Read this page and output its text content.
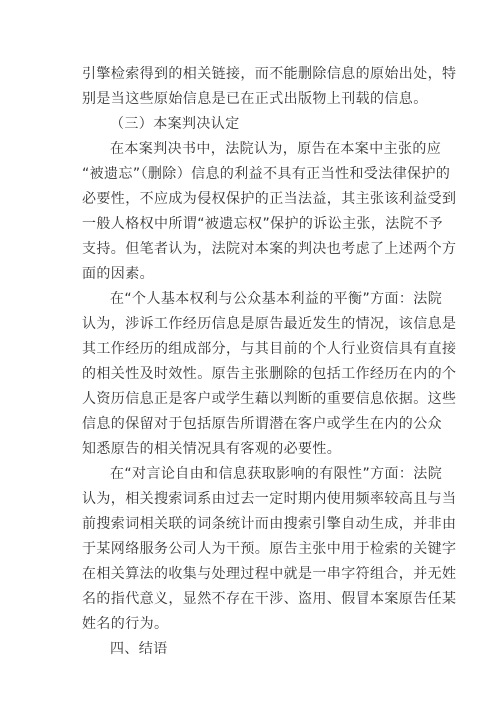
引擎检索得到的相关链接，而不能删除信息的原始出处，特
别是当这些原始信息是已在正式出版物上刊载的信息。
（三）本案判决认定
在本案判决书中，法院认为，原告在本案中主张的应
“被遗忘”（删除）信息的利益不具有正当性和受法律保护的
必要性，不应成为侵权保护的正当法益，其主张该利益受到
一般人格权中所谓“被遗忘权”保护的诉讼主张，法院不予
支持。但笔者认为，法院对本案的判决也考虑了上述两个方
面的因素。
在“个人基本权利与公众基本利益的平衡”方面：法院
认为，涉诉工作经历信息是原告最近发生的情况，该信息是
其工作经历的组成部分，与其目前的个人行业资信具有直接
的相关性及时效性。原告主张删除的包括工作经历在内的个
人资历信息正是客户或学生藉以判断的重要信息依据。这些
信息的保留对于包括原告所谓潜在客户或学生在内的公众
知悉原告的相关情况具有客观的必要性。
在“对言论自由和信息获取影响的有限性”方面：法院
认为，相关搜索词系由过去一定时期内使用频率较高且与当
前搜索词相关联的词条统计而由搜索引擎自动生成，并非由
于某网络服务公司人为干预。原告主张中用于检索的关键字
在相关算法的收集与处理过程中就是一串字符组合，并无姓
名的指代意义，显然不存在干涉、盗用、假冒本案原告任某
姓名的行为。
四、结语
